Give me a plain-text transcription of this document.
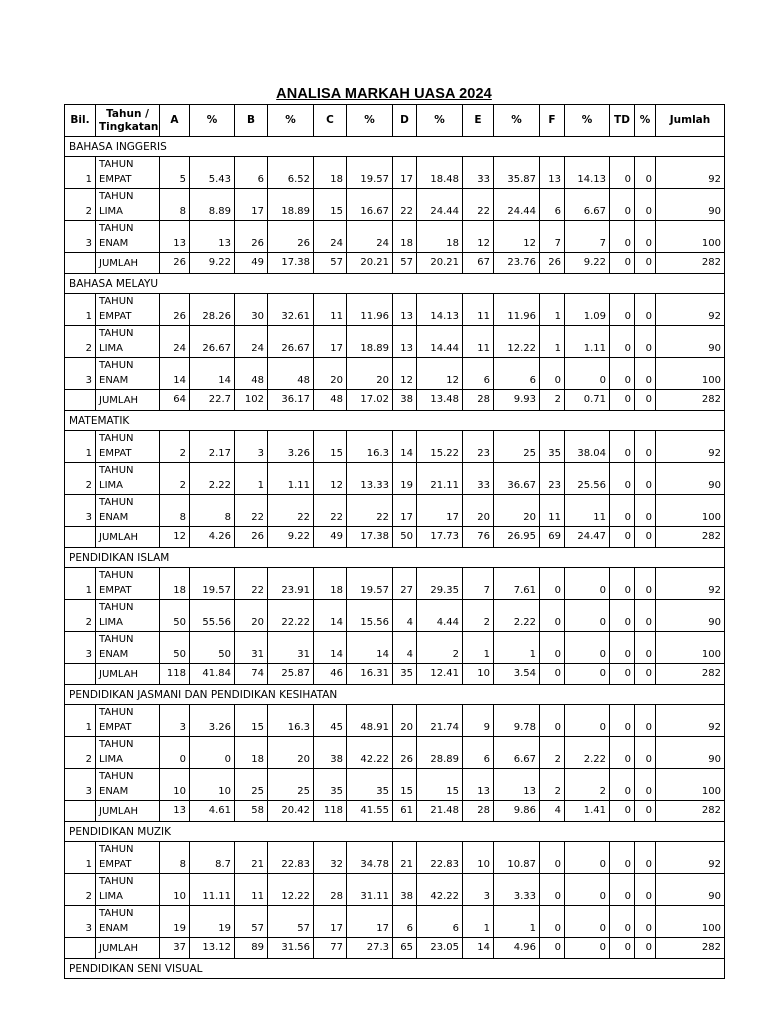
ANALISA MARKAH UASA 2024
Bil.	Tahun / Tingkatan	A	%	B	%	C	%	D	%	E	%	F	%	TD	%	Jumlah
BAHASA INGGERIS																
1	TAHUN EMPAT	5	5.43	6	6.52	18	19.57	17	18.48	33	35.87	13	14.13	0	0	92
2	TAHUN LIMA	8	8.89	17	18.89	15	16.67	22	24.44	22	24.44	6	6.67	0	0	90
3	TAHUN ENAM	13	13	26	26	24	24	18	18	12	12	7	7	0	0	100
	JUMLAH	26	9.22	49	17.38	57	20.21	57	20.21	67	23.76	26	9.22	0	0	282
BAHASA MELAYU																
1	TAHUN EMPAT	26	28.26	30	32.61	11	11.96	13	14.13	11	11.96	1	1.09	0	0	92
2	TAHUN LIMA	24	26.67	24	26.67	17	18.89	13	14.44	11	12.22	1	1.11	0	0	90
3	TAHUN ENAM	14	14	48	48	20	20	12	12	6	6	0	0	0	0	100
	JUMLAH	64	22.7	102	36.17	48	17.02	38	13.48	28	9.93	2	0.71	0	0	282
MATEMATIK																
1	TAHUN EMPAT	2	2.17	3	3.26	15	16.3	14	15.22	23	25	35	38.04	0	0	92
2	TAHUN LIMA	2	2.22	1	1.11	12	13.33	19	21.11	33	36.67	23	25.56	0	0	90
3	TAHUN ENAM	8	8	22	22	22	22	17	17	20	20	11	11	0	0	100
	JUMLAH	12	4.26	26	9.22	49	17.38	50	17.73	76	26.95	69	24.47	0	0	282
PENDIDIKAN ISLAM																
1	TAHUN EMPAT	18	19.57	22	23.91	18	19.57	27	29.35	7	7.61	0	0	0	0	92
2	TAHUN LIMA	50	55.56	20	22.22	14	15.56	4	4.44	2	2.22	0	0	0	0	90
3	TAHUN ENAM	50	50	31	31	14	14	4	2	1	1	0	0	0	0	100
	JUMLAH	118	41.84	74	25.87	46	16.31	35	12.41	10	3.54	0	0	0	0	282
PENDIDIKAN JASMANI DAN PENDIDIKAN KESIHATAN																
1	TAHUN EMPAT	3	3.26	15	16.3	45	48.91	20	21.74	9	9.78	0	0	0	0	92
2	TAHUN LIMA	0	0	18	20	38	42.22	26	28.89	6	6.67	2	2.22	0	0	90
3	TAHUN ENAM	10	10	25	25	35	35	15	15	13	13	2	2	0	0	100
	JUMLAH	13	4.61	58	20.42	118	41.55	61	21.48	28	9.86	4	1.41	0	0	282
PENDIDIKAN MUZIK																
1	TAHUN EMPAT	8	8.7	21	22.83	32	34.78	21	22.83	10	10.87	0	0	0	0	92
2	TAHUN LIMA	10	11.11	11	12.22	28	31.11	38	42.22	3	3.33	0	0	0	0	90
3	TAHUN ENAM	19	19	57	57	17	17	6	6	1	1	0	0	0	0	100
	JUMLAH	37	13.12	89	31.56	77	27.3	65	23.05	14	4.96	0	0	0	0	282
PENDIDIKAN SENI VISUAL																
